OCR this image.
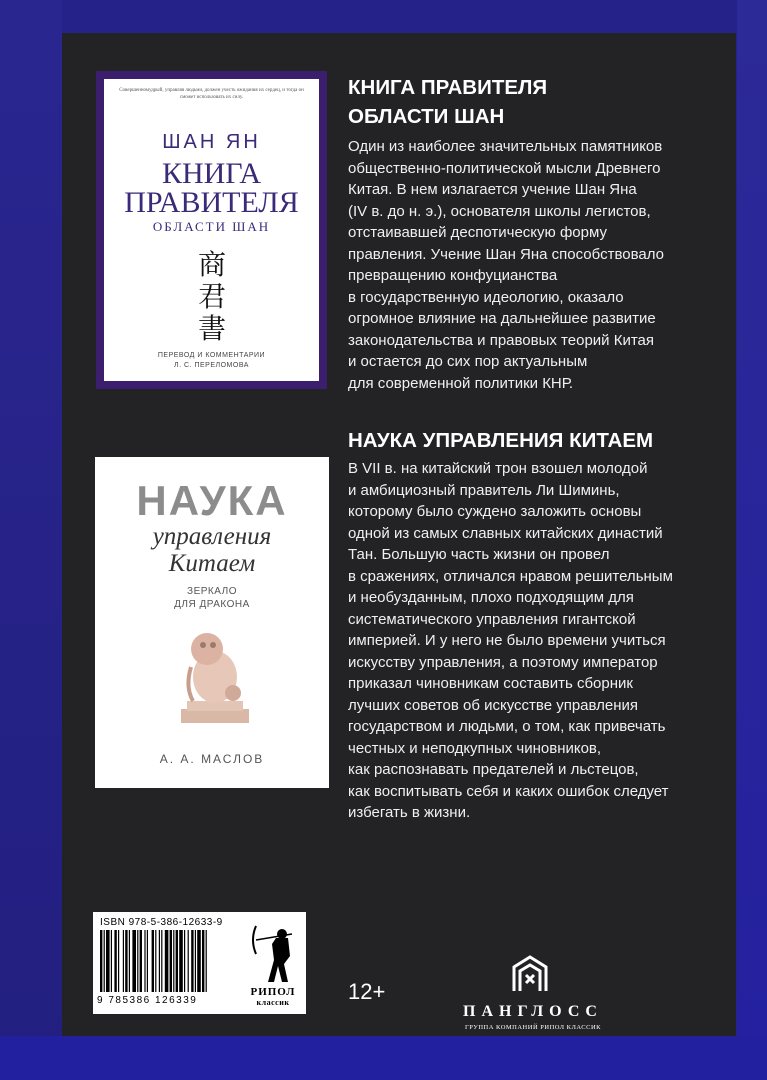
Совершенномудрый, управляя людьми, должен учесть ожидания их сердец, и тогда он сможет использовать их силу.
ШАН ЯН
КНИГА
ПРАВИТЕЛЯ
ОБЛАСТИ ШАН
商君書
ПЕРЕВОД И КОММЕНТАРИИ
Л. С. ПЕРЕЛОМОВА
НАУКА
управления
Китаем
ЗЕРКАЛО
ДЛЯ ДРАКОНА
А. А. МАСЛОВ
КНИГА ПРАВИТЕЛЯ
ОБЛАСТИ ШАН
Один из наиболее значительных памятников
общественно-политической мысли Древнего
Китая. В нем излагается учение Шан Яна
(IV в. до н. э.), основателя школы легистов,
отстаивавшей деспотическую форму
правления. Учение Шан Яна способствовало
превращению конфуцианства
в государственную идеологию, оказало
огромное влияние на дальнейшее развитие
законодательства и правовых теорий Китая
и остается до сих пор актуальным
для современной политики КНР.
НАУКА УПРАВЛЕНИЯ КИТАЕМ
В VII в. на китайский трон взошел молодой
и амбициозный правитель Ли Шиминь,
которому было суждено заложить основы
одной из самых славных китайских династий
Тан. Большую часть жизни он провел
в сражениях, отличался нравом решительным
и необузданным, плохо подходящим для
систематического управления гигантской
империей. И у него не было времени учиться
искусству управления, а поэтому император
приказал чиновникам составить сборник
лучших советов об искусстве управления
государством и людьми, о том, как привечать
честных и неподкупных чиновников,
как распознавать предателей и льстецов,
как воспитывать себя и каких ошибок следует
избегать в жизни.
ISBN 978-5-386-12633-9
9 785386 126339
РИПОЛ
классик	12+
ПАНГЛОСС
ГРУППА КОМПАНИЙ РИПОЛ КЛАССИК
